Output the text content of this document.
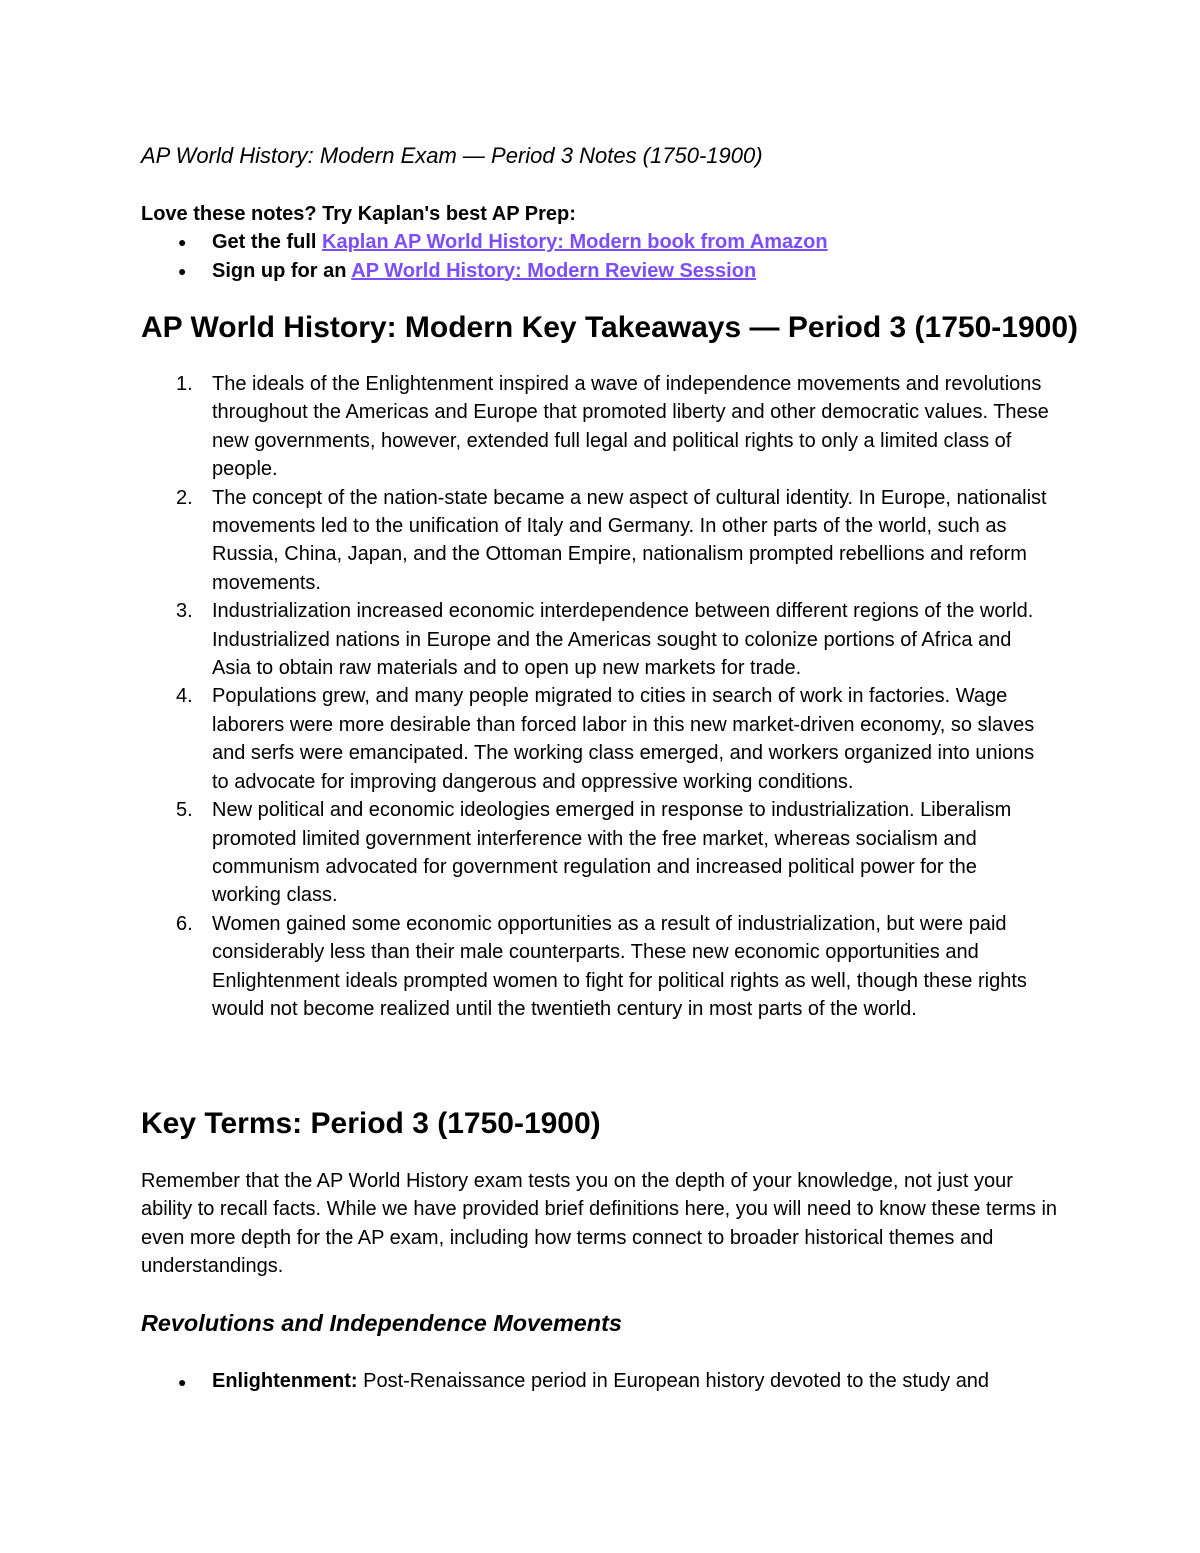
AP World History: Modern Exam — Period 3 Notes (1750-1900)

Love these notes? Try Kaplan's best AP Prep:

● Get the full Kaplan AP World History: Modern book from Amazon
● Sign up for an AP World History: Modern Review Session
AP World History: Modern Key Takeaways — Period 3 (1750-1900)
1. The ideals of the Enlightenment inspired a wave of independence movements and revolutions throughout the Americas and Europe that promoted liberty and other democratic values. These new governments, however, extended full legal and political rights to only a limited class of people.
2. The concept of the nation-state became a new aspect of cultural identity. In Europe, nationalist movements led to the unification of Italy and Germany. In other parts of the world, such as Russia, China, Japan, and the Ottoman Empire, nationalism prompted rebellions and reform movements.
3. Industrialization increased economic interdependence between different regions of the world. Industrialized nations in Europe and the Americas sought to colonize portions of Africa and Asia to obtain raw materials and to open up new markets for trade.
4. Populations grew, and many people migrated to cities in search of work in factories. Wage laborers were more desirable than forced labor in this new market-driven economy, so slaves and serfs were emancipated. The working class emerged, and workers organized into unions to advocate for improving dangerous and oppressive working conditions.
5. New political and economic ideologies emerged in response to industrialization. Liberalism promoted limited government interference with the free market, whereas socialism and communism advocated for government regulation and increased political power for the working class.
6. Women gained some economic opportunities as a result of industrialization, but were paid considerably less than their male counterparts. These new economic opportunities and Enlightenment ideals prompted women to fight for political rights as well, though these rights would not become realized until the twentieth century in most parts of the world.
Key Terms: Period 3 (1750-1900)

Remember that the AP World History exam tests you on the depth of your knowledge, not just your ability to recall facts. While we have provided brief definitions here, you will need to know these terms in even more depth for the AP exam, including how terms connect to broader historical themes and understandings.

Revolutions and Independence Movements
● Enlightenment: Post-Renaissance period in European history devoted to the study and
